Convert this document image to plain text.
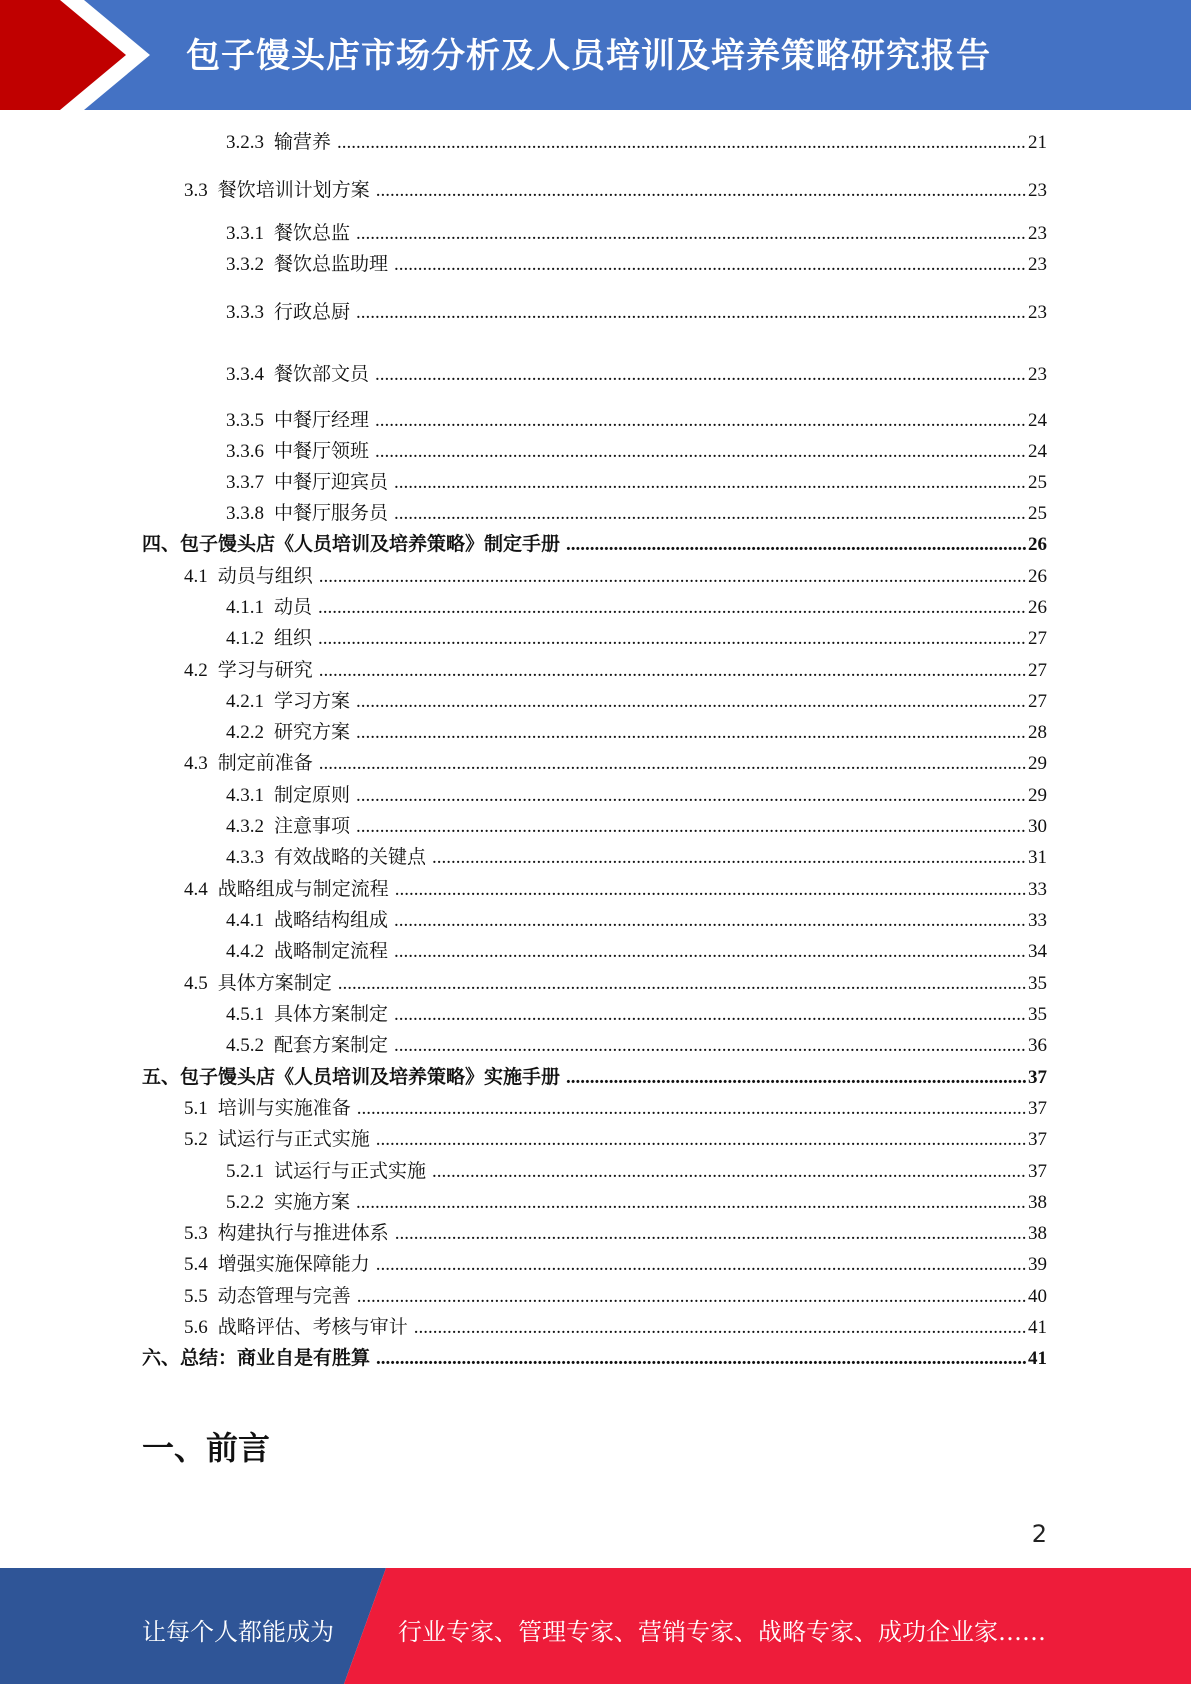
包子馒头店市场分析及人员培训及培养策略研究报告
3.2.3 输营养 .....	21
3.3 餐饮培训计划方案 .....	23
3.3.1 餐饮总监 .....	23
3.3.2 餐饮总监助理 .....	23
3.3.3 行政总厨 .....	23
3.3.4 餐饮部文员 .....	23
3.3.5 中餐厅经理 .....	24
3.3.6 中餐厅领班 .....	24
3.3.7 中餐厅迎宾员 .....	25
3.3.8 中餐厅服务员 .....	25
四、 包子馒头店《人员培训及培养策略》制定手册 .....	26
4.1 动员与组织 .....	26
4.1.1 动员 .....	26
4.1.2 组织 .....	27
4.2 学习与研究 .....	27
4.2.1 学习方案 .....	27
4.2.2 研究方案 .....	28
4.3 制定前准备 .....	29
4.3.1 制定原则 .....	29
4.3.2 注意事项 .....	30
4.3.3 有效战略的关键点 .....	31
4.4 战略组成与制定流程 .....	33
4.4.1 战略结构组成 .....	33
4.4.2 战略制定流程 .....	34
4.5 具体方案制定 .....	35
4.5.1 具体方案制定 .....	35
4.5.2 配套方案制定 .....	36
五、 包子馒头店《人员培训及培养策略》实施手册 .....	37
5.1 培训与实施准备 .....	37
5.2 试运行与正式实施 .....	37
5.2.1 试运行与正式实施 .....	37
5.2.2 实施方案 .....	38
5.3 构建执行与推进体系 .....	38
5.4 增强实施保障能力 .....	39
5.5 动态管理与完善 .....	40
5.6 战略评估、考核与审计 .....	41
六、 总结：商业自是有胜算 .....	41
一、前言
2
让每个人都能成为	行业专家、管理专家、营销专家、战略专家、成功企业家……
